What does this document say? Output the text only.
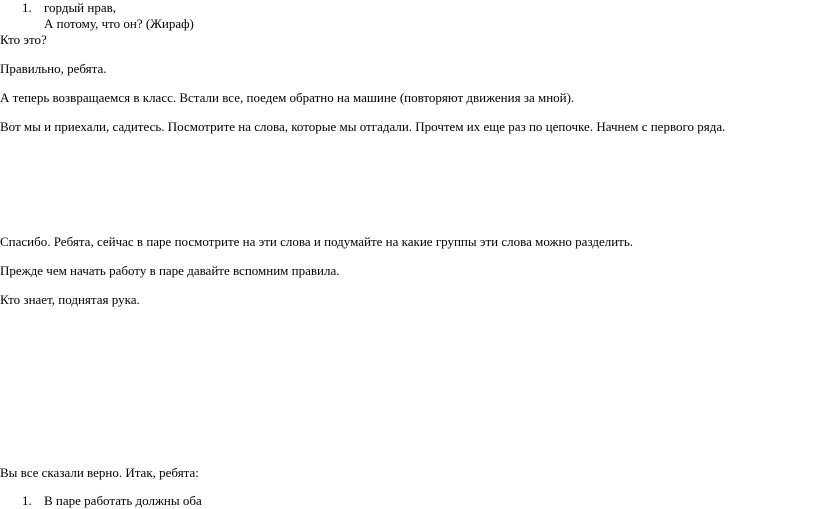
1. гордый нрав,

А потому, что он? (Жираф)

Кто это?

Правильно, ребята.

А теперь возвращаемся в класс. Встали все, поедем обратно на машине (повторяют движения за мной).

Вот мы и приехали, садитесь. Посмотрите на слова, которые мы отгадали. Прочтем их еще раз по цепочке. Начнем с первого ряда.

Спасибо. Ребята, сейчас в паре посмотрите на эти слова и подумайте на какие группы эти слова можно разделить.

Прежде чем начать работу в паре давайте вспомним правила.

Кто знает, поднятая рука.

Вы все сказали верно. Итак, ребята:

1. В паре работать должны оба
